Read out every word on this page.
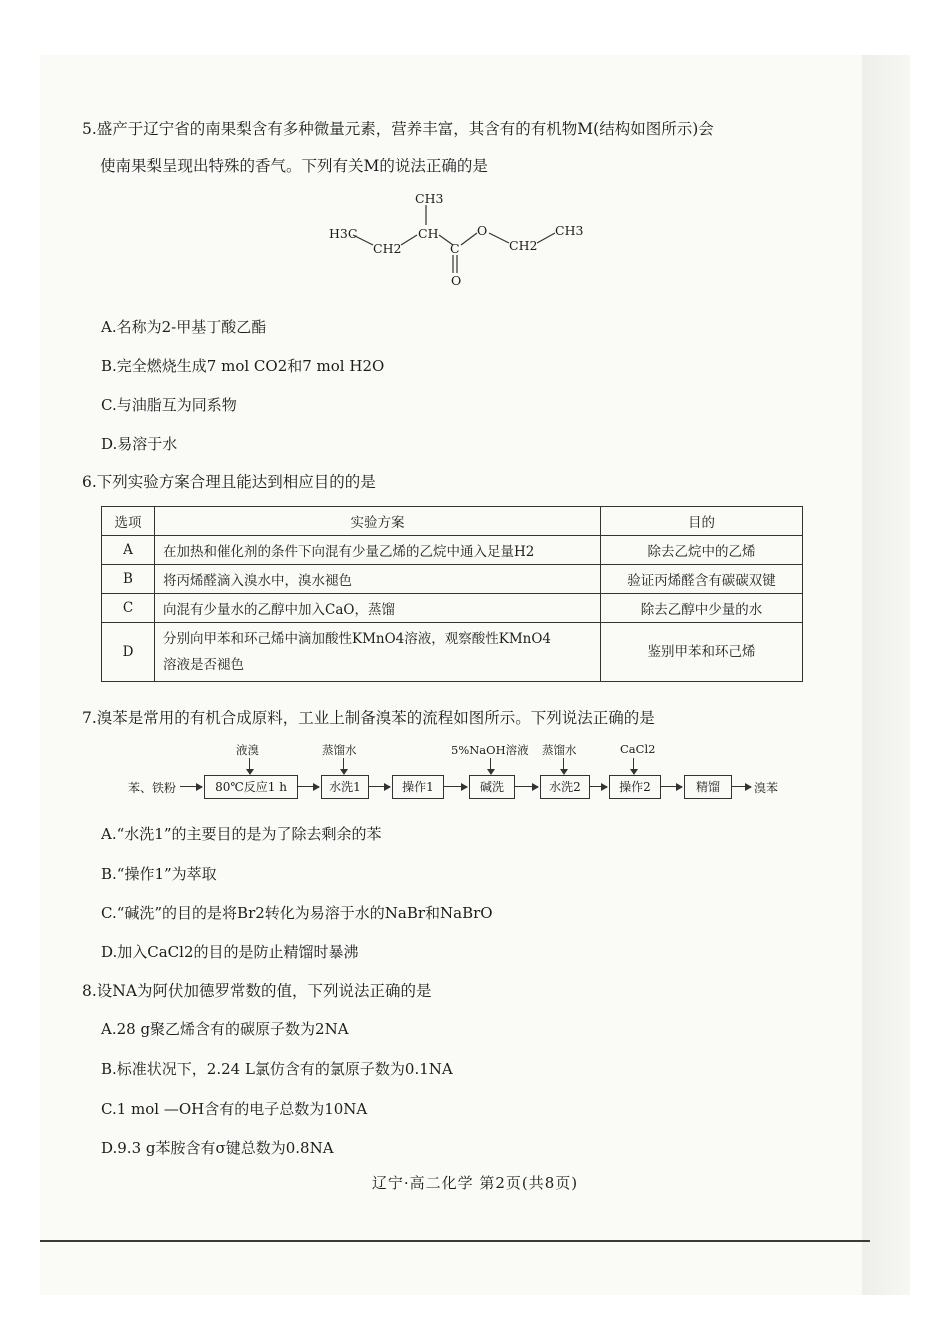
5.盛产于辽宁省的南果梨含有多种微量元素，营养丰富，其含有的有机物M(结构如图所示)会
使南果梨呈现出特殊的香气。下列有关M的说法正确的是
CH3
H3C
CH2
CH
C
O
CH2
CH3
O
A.名称为2-甲基丁酸乙酯
B.完全燃烧生成7 mol CO2和7 mol H2O
C.与油脂互为同系物
D.易溶于水
6.下列实验方案合理且能达到相应目的的是
选项	实验方案	目的
A	在加热和催化剂的条件下向混有少量乙烯的乙烷中通入足量H2	除去乙烷中的乙烯
B	将丙烯醛滴入溴水中，溴水褪色	验证丙烯醛含有碳碳双键
C	向混有少量水的乙醇中加入CaO，蒸馏	除去乙醇中少量的水
D	分别向甲苯和环己烯中滴加酸性KMnO4溶液，观察酸性KMnO4
溶液是否褪色	鉴别甲苯和环己烯
7.溴苯是常用的有机合成原料，工业上制备溴苯的流程如图所示。下列说法正确的是
苯、铁粉	80℃反应1 h	水洗1	操作1	碱洗	水洗2	操作2	精馏	溴苯
液溴	蒸馏水	5%NaOH溶液 蒸馏水	CaCl2
A.“水洗1”的主要目的是为了除去剩余的苯
B.“操作1”为萃取
C.“碱洗”的目的是将Br2转化为易溶于水的NaBr和NaBrO
D.加入CaCl2的目的是防止精馏时暴沸
8.设NA为阿伏加德罗常数的值，下列说法正确的是
A.28 g聚乙烯含有的碳原子数为2NA
B.标准状况下，2.24 L氯仿含有的氯原子数为0.1NA
C.1 mol —OH含有的电子总数为10NA
D.9.3 g苯胺含有σ键总数为0.8NA
辽宁·高二化学 第2页(共8页)
